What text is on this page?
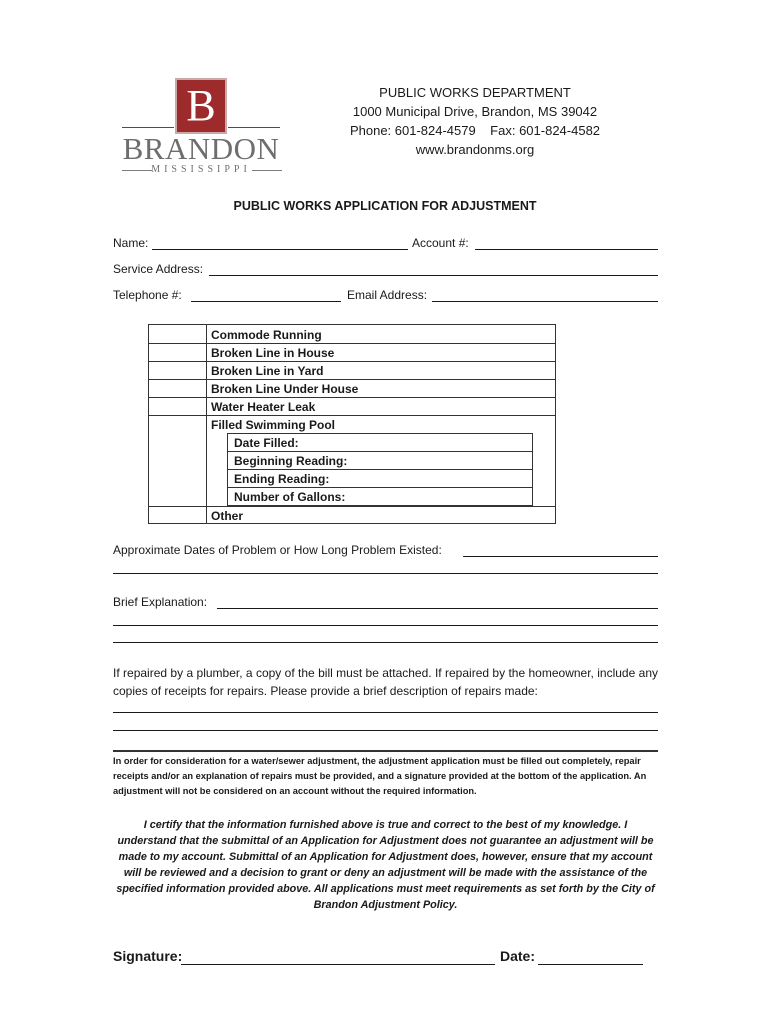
B
BRANDON
MISSISSIPPI
PUBLIC WORKS DEPARTMENT
1000 Municipal Drive, Brandon, MS 39042
Phone: 601-824-4579    Fax: 601-824-4582
www.brandonms.org
PUBLIC WORKS APPLICATION FOR ADJUSTMENT
Name:	Account #:
Service Address:
Telephone #:	Email Address:
Commode Running
Broken Line in House
Broken Line in Yard
Broken Line Under House
Water Heater Leak
Filled Swimming Pool
Date Filled:
Beginning Reading:
Ending Reading:
Number of Gallons:
Other
Approximate Dates of Problem or How Long Problem Existed:
Brief Explanation:
If repaired by a plumber, a copy of the bill must be attached. If repaired by the homeowner, include any copies of receipts for repairs. Please provide a brief description of repairs made:
In order for consideration for a water/sewer adjustment, the adjustment application must be filled out completely, repair receipts and/or an explanation of repairs must be provided, and a signature provided at the bottom of the application. An adjustment will not be considered on an account without the required information.
I certify that the information furnished above is true and correct to the best of my knowledge. I understand that the submittal of an Application for Adjustment does not guarantee an adjustment will be made to my account. Submittal of an Application for Adjustment does, however, ensure that my account will be reviewed and a decision to grant or deny an adjustment will be made with the assistance of the specified information provided above. All applications must meet requirements as set forth by the City of Brandon Adjustment Policy.
Signature:	Date:
